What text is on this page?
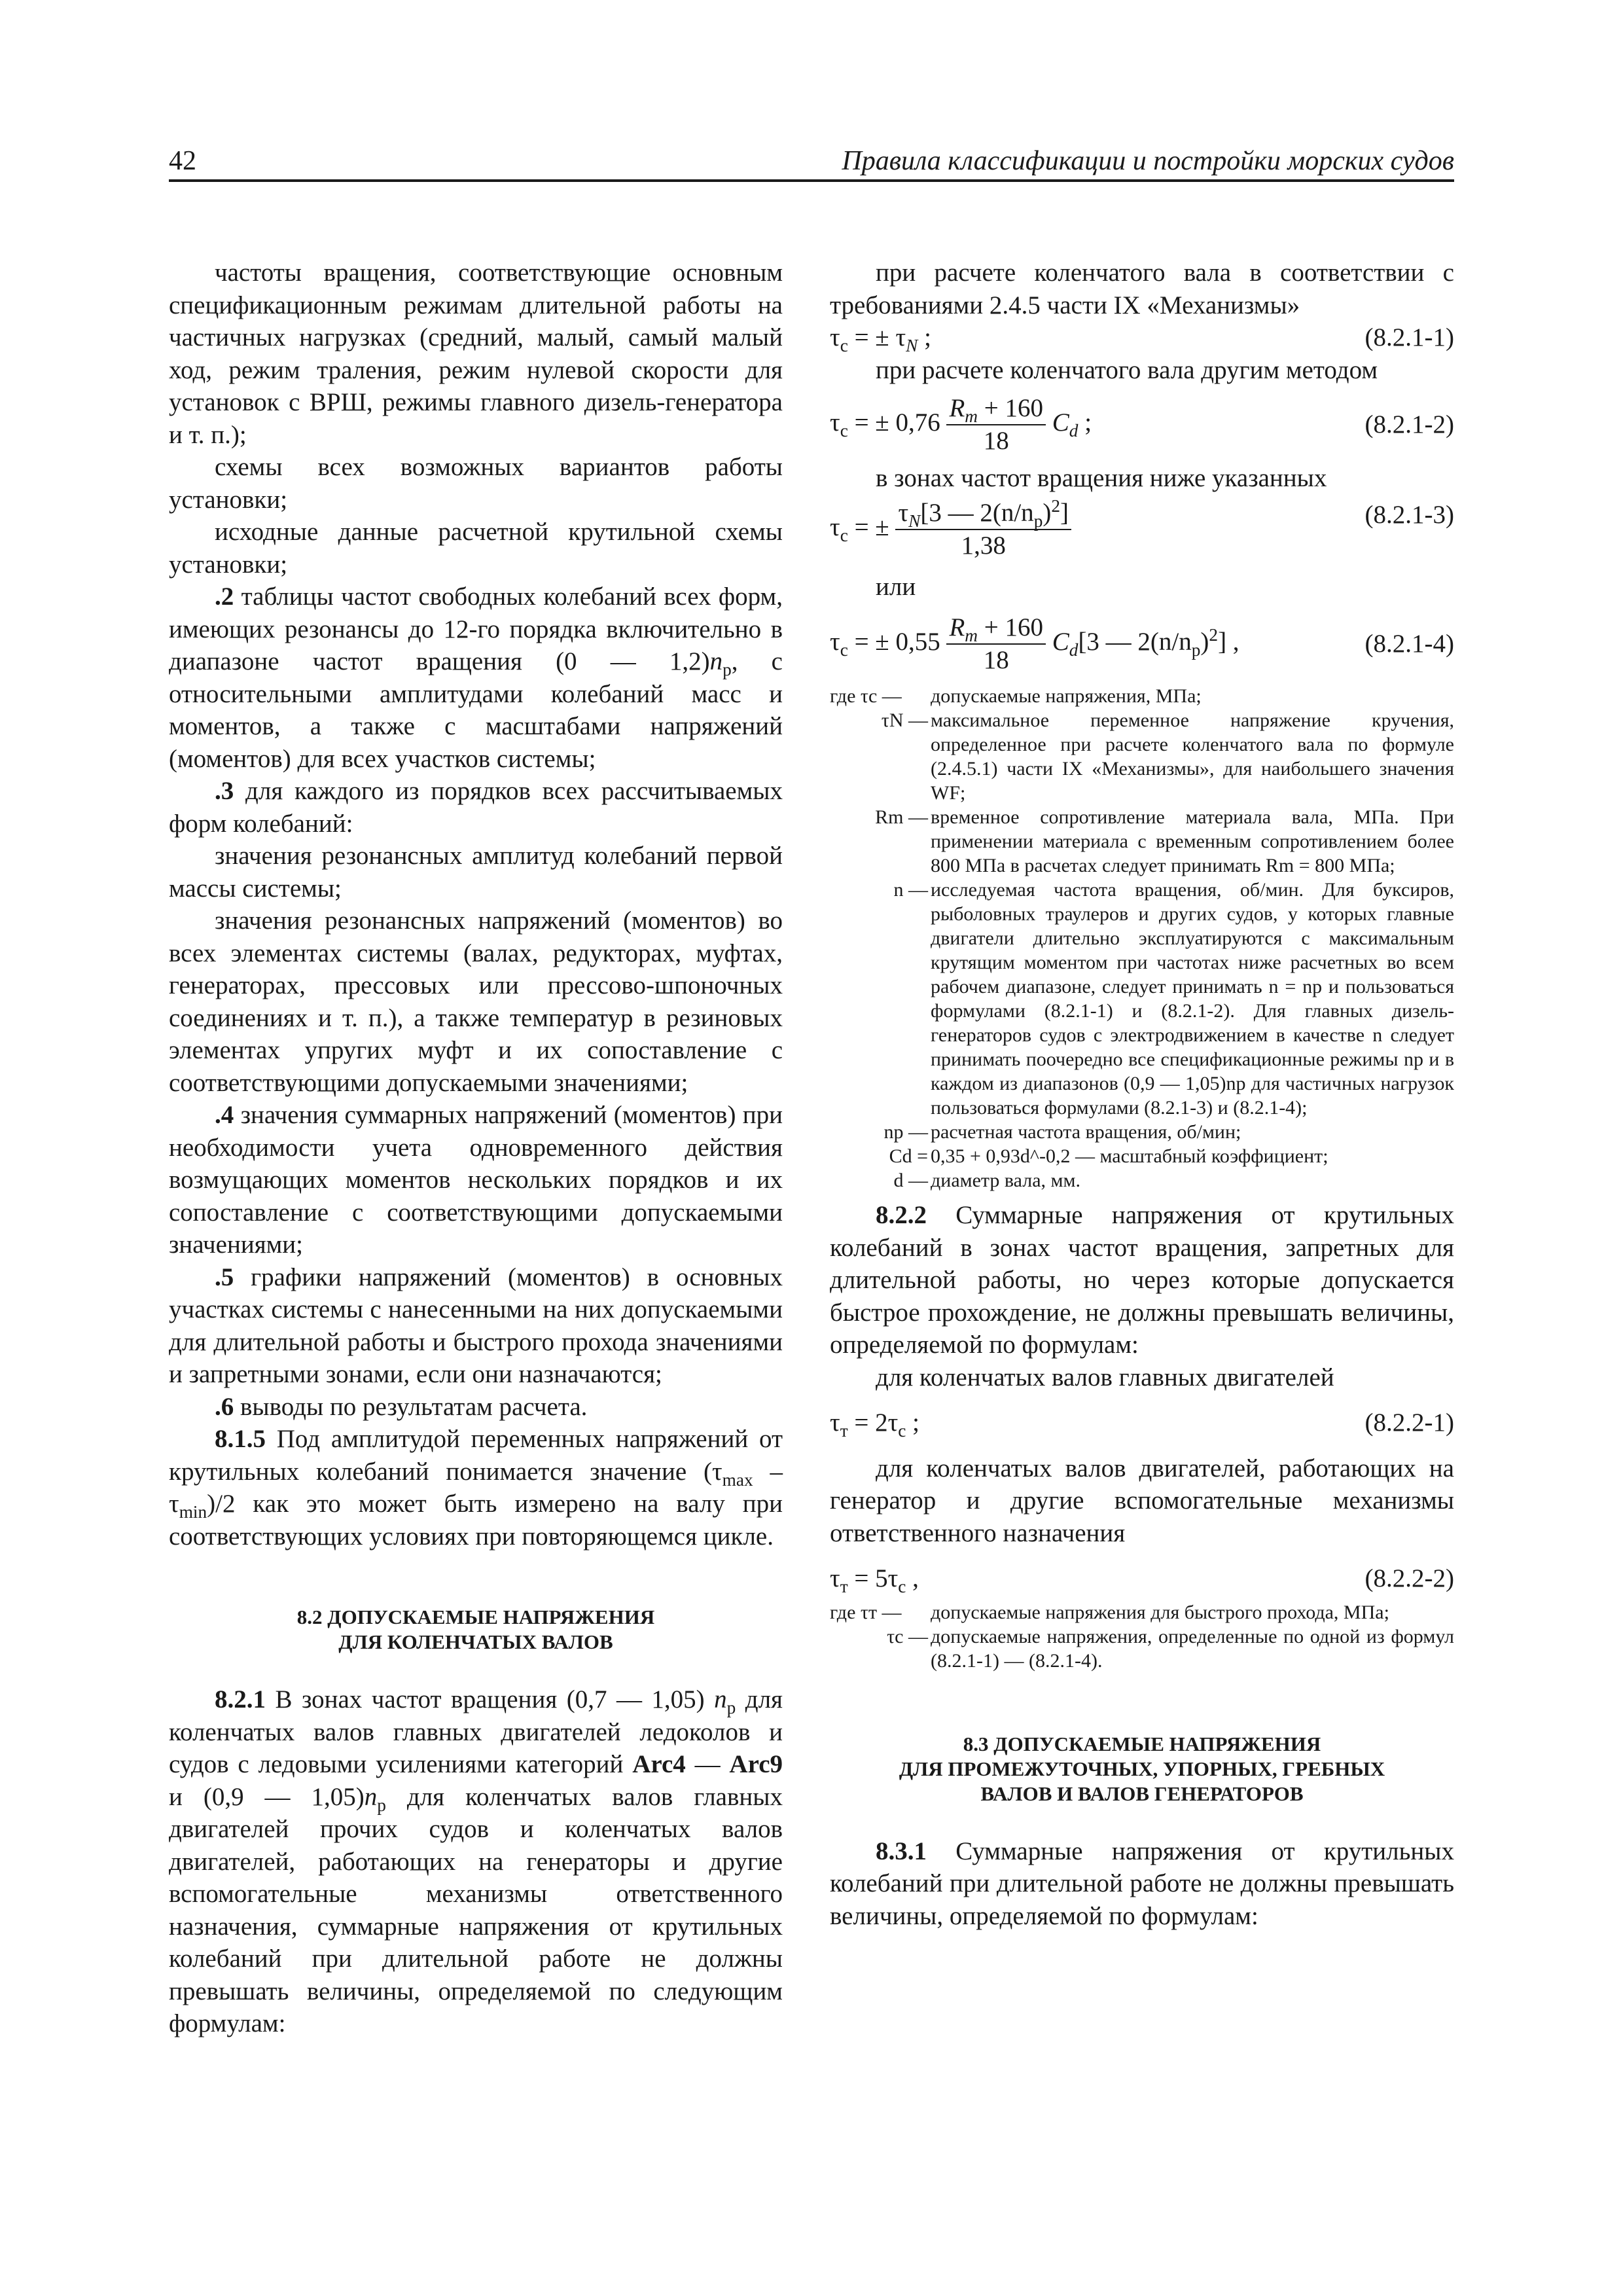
42	Правила классификации и постройки морских судов

частоты вращения, соответствующие основным спецификационным режимам длительной работы на частичных нагрузках (средний, малый, самый малый ход, режим траления, режим нулевой скорости для установок с ВРШ, режимы главного дизель-генератора и т. п.);

схемы всех возможных вариантов работы установки;

исходные данные расчетной крутильной схемы установки;

.2 таблицы частот свободных колебаний всех форм, имеющих резонансы до 12-го порядка включительно в диапазоне частот вращения (0 — $1,2)n_р$, с относительными амплитудами колебаний масс и моментов, а также с масштабами напряжений (моментов) для всех участков системы;

.3 для каждого из порядков всех рассчитываемых форм колебаний:

значения резонансных амплитуд колебаний первой массы системы;

значения резонансных напряжений (моментов) во всех элементах системы (валах, редукторах, муфтах, генераторах, прессовых или прессово-шпоночных соединениях и т. п.), а также температур в резиновых элементах упругих муфт и их сопоставление с соответствующими допускаемыми значениями;

.4 значения суммарных напряжений (моментов) при необходимости учета одновременного действия возмущающих моментов нескольких порядков и их сопоставление с соответствующими допускаемыми значениями;

.5 графики напряжений (моментов) в основных участках системы с нанесенными на них допускаемыми для длительной работы и быстрого прохода значениями и запретными зонами, если они назначаются;

.6 выводы по результатам расчета.

8.1.5 Под амплитудой переменных напряжений от крутильных колебаний понимается значение $(\tau_{max} - \tau_{min})/2$ как это может быть измерено на валу при соответствующих условиях при повторяющемся цикле.

8.2 ДОПУСКАЕМЫЕ НАПРЯЖЕНИЯ
ДЛЯ КОЛЕНЧАТЫХ ВАЛОВ

8.2.1 В зонах частот вращения (0,7 — 1,05) $n_р$ для коленчатых валов главных двигателей ледоколов и судов с ледовыми усилениями категорий Arc4 — Arc9 и (0,9 — $1,05)n_р$ для коленчатых валов главных двигателей прочих судов и коленчатых валов двигателей, работающих на генераторы и другие вспомогательные механизмы ответственного назначения, суммарные напряжения от крутильных колебаний при длительной работе не должны превышать величины, определяемой по следующим формулам:

при расчете коленчатого вала в соответствии с требованиями 2.4.5 части IX «Механизмы»

$\tau_c$ = ± $\tau_N$ ;	(8.2.1-1)

при расчете коленчатого вала другим методом

$\tau_c$ = ± $0,76 \frac{R_m + 160}{18} C_d$ ;	(8.2.1-2)

в зонах частот вращения ниже указанных

$\tau_c$ = ± $\frac{\tau_N[3 — 2(n/n_р)^2]}{1,38}$	(8.2.1-3)

или

$\tau_c$ = ± $0,55 \frac{R_m + 160}{18} C_d[3$ — $2(n/n_р)^2$] ,	(8.2.1-4)
где τc —	допускаемые напряжения, МПа;
τN — максимальное переменное напряжение кручения, определенное при расчете коленчатого вала по формуле (2.4.5.1) части IX «Механизмы», для наибольшего значения WF;
Rm — временное сопротивление материала вала, МПа. При применении материала с временным сопротивлением более 800 МПа в расчетах следует принимать Rm = 800 МПа;
n — исследуемая частота вращения, об/мин. Для буксиров, рыболовных траулеров и других судов, у которых главные двигатели длительно эксплуатируются с максимальным крутящим моментом при частотах ниже расчетных во всем рабочем диапазоне, следует принимать n = nр и пользоваться формулами (8.2.1-1) и (8.2.1-2). Для главных дизель-генераторов судов с электродвижением в качестве n следует принимать поочередно все спецификационные режимы nр и в каждом из диапазонов (0,9 — 1,05)nр для частичных нагрузок пользоваться формулами (8.2.1-3) и (8.2.1-4);
nр — расчетная частота вращения, об/мин;
Cd = 0,35 + 0,93d^-0,2 — масштабный коэффициент;
d — диаметр вала, мм.

8.2.2 Суммарные напряжения от крутильных колебаний в зонах частот вращения, запретных для длительной работы, но через которые допускается быстрое прохождение, не должны превышать величины, определяемой по формулам:

для коленчатых валов главных двигателей

$\tau_т = 2\tau_c$ ;	(8.2.2-1)

для коленчатых валов двигателей, работающих на генератор и другие вспомогательные механизмы ответственного назначения

$\tau_т = 5\tau_c$ ,	(8.2.2-2)
где τт —	допускаемые напряжения для быстрого прохода, МПа;
τc — допускаемые напряжения, определенные по одной из формул (8.2.1-1) — (8.2.1-4).

8.3 ДОПУСКАЕМЫЕ НАПРЯЖЕНИЯ
ДЛЯ ПРОМЕЖУТОЧНЫХ, УПОРНЫХ, ГРЕБНЫХ
ВАЛОВ И ВАЛОВ ГЕНЕРАТОРОВ

8.3.1 Суммарные напряжения от крутильных колебаний при длительной работе не должны превышать величины, определяемой по формулам:
